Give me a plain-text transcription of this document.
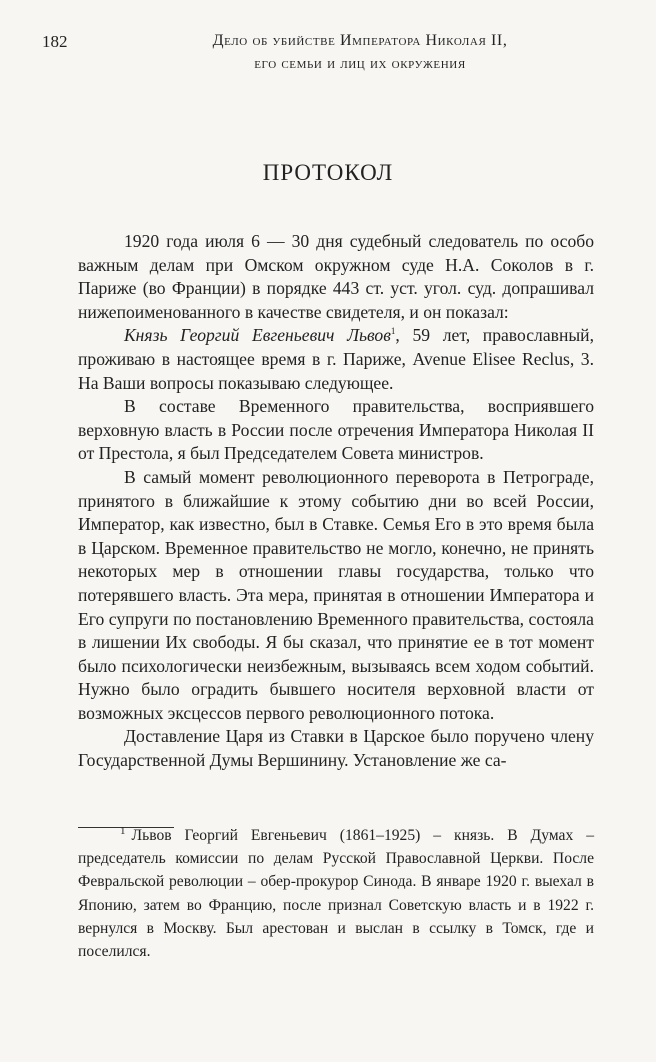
182	Дело об убийстве Императора Николая II,
его семьи и лиц их окружения
ПРОТОКОЛ

1920 года июля 6 — 30 дня судебный следователь по особо важным делам при Омском окружном суде Н.А. Соколов в г. Париже (во Франции) в порядке 443 ст. уст. угол. суд. допрашивал нижепоименованного в качестве свидетеля, и он показал:

Князь Георгий Евгеньевич Львов$^1$, 59 лет, православный, проживаю в настоящее время в г. Париже, Avenue Elisee Reclus, 3. На Ваши вопросы показываю следующее.

В составе Временного правительства, восприявшего верховную власть в России после отречения Императора Николая II от Престола, я был Председателем Совета министров.

В самый момент революционного переворота в Петрограде, принятого в ближайшие к этому событию дни во всей России, Император, как известно, был в Ставке. Семья Его в это время была в Царском. Временное правительство не могло, конечно, не принять некоторых мер в отношении главы государства, только что потерявшего власть. Эта мера, принятая в отношении Императора и Его супруги по постановлению Временного правительства, состояла в лишении Их свободы. Я бы сказал, что принятие ее в тот момент было психологически неизбежным, вызываясь всем ходом событий. Нужно было оградить бывшего носителя верховной власти от возможных эксцессов первого революционного потока.

Доставление Царя из Ставки в Царское было поручено члену Государственной Думы Вершинину. Установление же са-

$^1$ Львов Георгий Евгеньевич (1861–1925) – князь. В Думах – председатель комиссии по делам Русской Православной Церкви. После Февральской революции – обер-прокурор Синода. В январе 1920 г. выехал в Японию, затем во Францию, после признал Советскую власть и в 1922 г. вернулся в Москву. Был арестован и выслан в ссылку в Томск, где и поселился.
